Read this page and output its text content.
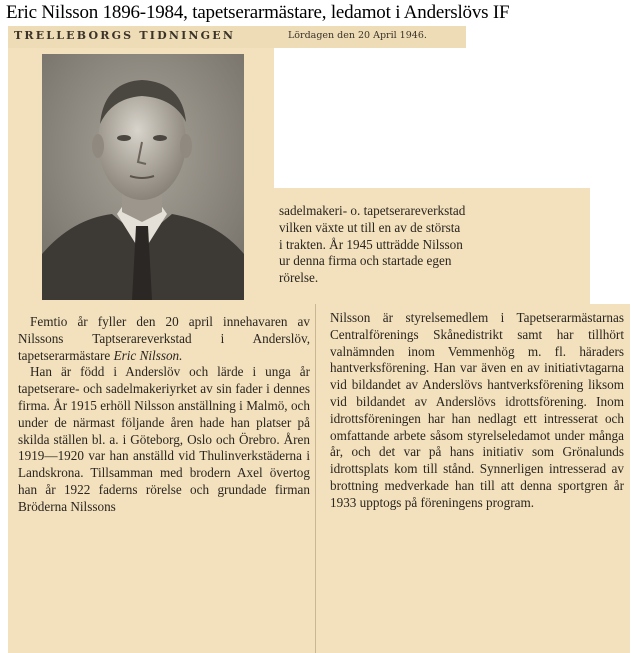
Eric Nilsson 1896-1984, tapetserarmästare, ledamot i Anderslövs IF
TRELLEBORGS TIDNINGEN	Lördagen den 20 April 1946.

sadelmakeri- o. tapetserareverkstad

vilken växte ut till en av de största

i trakten. År 1945 utträdde Nilsson

ur denna firma och startade egen

rörelse.

Femtio år fyller den 20 april innehavaren av Nilssons Taptserareverkstad i Anderslöv, tapetserarmästare Eric Nilsson.

Han är född i Anderslöv och lärde i unga år tapetserare- och sadelmakeriyrket av sin fader i dennes firma. År 1915 erhöll Nilsson anställning i Malmö, och under de närmast följande åren hade han platser på skilda ställen bl. a. i Göteborg, Oslo och Örebro. Åren 1919—1920 var han anställd vid Thulinverkstäderna i Landskrona. Tillsamman med brodern Axel övertog han år 1922 faderns rörelse och grundade firman Bröderna Nilssons

Nilsson är styrelsemedlem i Tapetserarmästarnas Centralförenings Skånedistrikt samt har tillhört valnämnden inom Vemmenhög m. fl. häraders hantverksförening. Han var även en av initiativtagarna vid bildandet av Anderslövs hantverksförening liksom vid bildandet av Anderslövs idrottsförening. Inom idrottsföreningen har han nedlagt ett intresserat och omfattande arbete såsom styrelseledamot under många år, och det var på hans initiativ som Grönalunds idrottsplats kom till stånd. Synnerligen intresserad av brottning medverkade han till att denna sportgren år 1933 upptogs på föreningens program.
